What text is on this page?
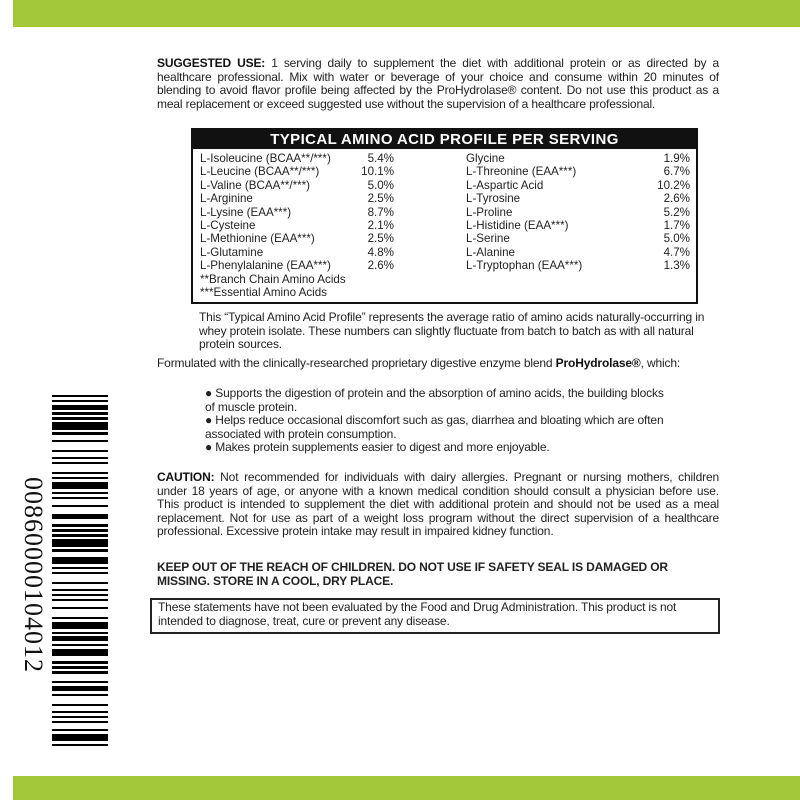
00860000104012
SUGGESTED USE: 1 serving daily to supplement the diet with additional protein or as directed by a healthcare professional. Mix with water or beverage of your choice and consume within 20 minutes of blending to avoid flavor profile being affected by the ProHydrolase® content. Do not use this product as a meal replacement or exceed suggested use without the supervision of a healthcare professional.
TYPICAL AMINO ACID PROFILE PER SERVING
L-Isoleucine (BCAA**/***)	5.4%
L-Leucine (BCAA**/***)	10.1%
L-Valine (BCAA**/***)	5.0%
L-Arginine	2.5%
L-Lysine (EAA***)	8.7%
L-Cysteine	2.1%
L-Methionine (EAA***)	2.5%
L-Glutamine	4.8%
L-Phenylalanine (EAA***)	2.6%
Glycine	1.9%
L-Threonine (EAA***)	6.7%
L-Aspartic Acid	10.2%
L-Tyrosine	2.6%
L-Proline	5.2%
L-Histidine (EAA***)	1.7%
L-Serine	5.0%
L-Alanine	4.7%
L-Tryptophan (EAA***)	1.3%
**Branch Chain Amino Acids
***Essential Amino Acids
This “Typical Amino Acid Profile” represents the average ratio of amino acids naturally-occurring in whey protein isolate. These numbers can slightly fluctuate from batch to batch as with all natural protein sources.
Formulated with the clinically-researched proprietary digestive enzyme blend ProHydrolase®, which:
● Supports the digestion of protein and the absorption of amino acids, the building blocks of muscle protein.
● Helps reduce occasional discomfort such as gas, diarrhea and bloating which are often associated with protein consumption.
● Makes protein supplements easier to digest and more enjoyable.
CAUTION: Not recommended for individuals with dairy allergies. Pregnant or nursing mothers, children under 18 years of age, or anyone with a known medical condition should consult a physician before use. This product is intended to supplement the diet with additional protein and should not be used as a meal replacement. Not for use as part of a weight loss program without the direct supervision of a healthcare professional. Excessive protein intake may result in impaired kidney function.
KEEP OUT OF THE REACH OF CHILDREN. DO NOT USE IF SAFETY SEAL IS DAMAGED OR MISSING. STORE IN A COOL, DRY PLACE.
These statements have not been evaluated by the Food and Drug Administration. This product is not intended to diagnose, treat, cure or prevent any disease.
